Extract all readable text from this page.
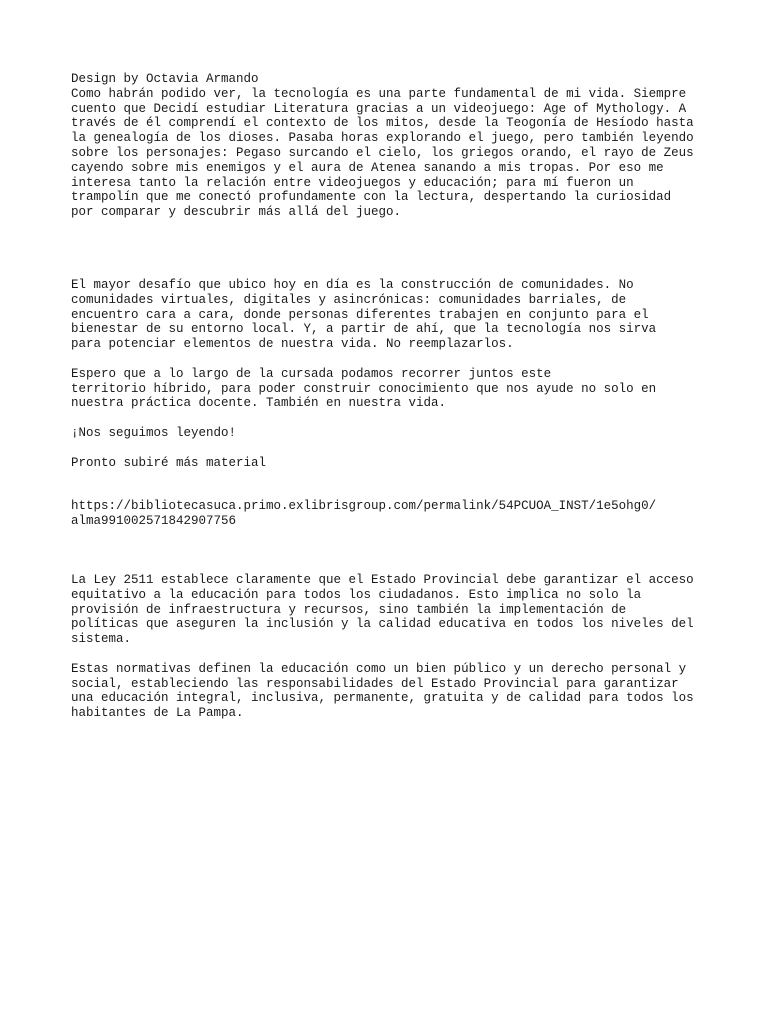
Design by Octavia Armando
Como habrán podido ver, la tecnología es una parte fundamental de mi vida. Siempre
cuento que Decidí estudiar Literatura gracias a un videojuego: Age of Mythology. A
través de él comprendí el contexto de los mitos, desde la Teogonía de Hesíodo hasta
la genealogía de los dioses. Pasaba horas explorando el juego, pero también leyendo
sobre los personajes: Pegaso surcando el cielo, los griegos orando, el rayo de Zeus
cayendo sobre mis enemigos y el aura de Atenea sanando a mis tropas. Por eso me
interesa tanto la relación entre videojuegos y educación; para mí fueron un
trampolín que me conectó profundamente con la lectura, despertando la curiosidad
por comparar y descubrir más allá del juego.
El mayor desafío que ubico hoy en día es la construcción de comunidades. No
comunidades virtuales, digitales y asincrónicas: comunidades barriales, de
encuentro cara a cara, donde personas diferentes trabajen en conjunto para el
bienestar de su entorno local. Y, a partir de ahí, que la tecnología nos sirva
para potenciar elementos de nuestra vida. No reemplazarlos.
Espero que a lo largo de la cursada podamos recorrer juntos este
territorio híbrido, para poder construir conocimiento que nos ayude no solo en
nuestra práctica docente. También en nuestra vida.
¡Nos seguimos leyendo!
Pronto subiré más material
https://bibliotecasuca.primo.exlibrisgroup.com/permalink/54PCUOA_INST/1e5ohg0/
alma991002571842907756
La Ley 2511 establece claramente que el Estado Provincial debe garantizar el acceso
equitativo a la educación para todos los ciudadanos. Esto implica no solo la
provisión de infraestructura y recursos, sino también la implementación de
políticas que aseguren la inclusión y la calidad educativa en todos los niveles del
sistema.
Estas normativas definen la educación como un bien público y un derecho personal y
social, estableciendo las responsabilidades del Estado Provincial para garantizar
una educación integral, inclusiva, permanente, gratuita y de calidad para todos los
habitantes de La Pampa.
